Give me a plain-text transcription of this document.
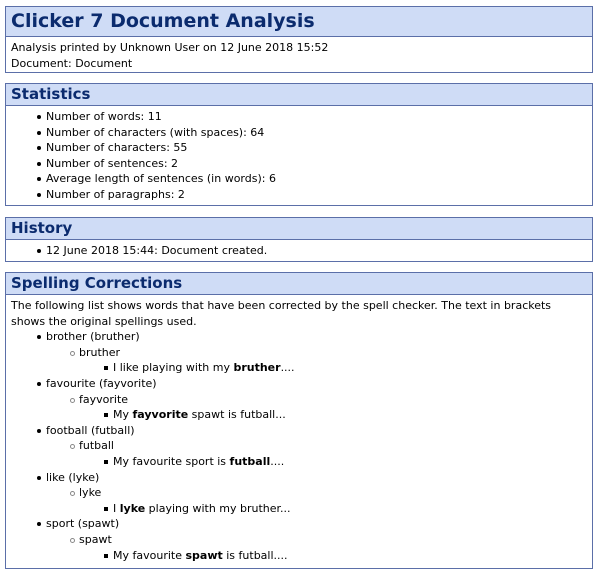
Clicker 7 Document Analysis
Analysis printed by Unknown User on 12 June 2018 15:52
Document: Document
Statistics
Number of words: 11
Number of characters (with spaces): 64
Number of characters: 55
Number of sentences: 2
Average length of sentences (in words): 6
Number of paragraphs: 2
History
12 June 2018 15:44: Document created.
Spelling Corrections
The following list shows words that have been corrected by the spell checker. The text in brackets shows the original spellings used.
brother (bruther)
bruther
I like playing with my bruther....
favourite (fayvorite)
fayvorite
My fayvorite spawt is futball...
football (futball)
futball
My favourite sport is futball....
like (lyke)
lyke
I lyke playing with my bruther...
sport (spawt)
spawt
My favourite spawt is futball....
